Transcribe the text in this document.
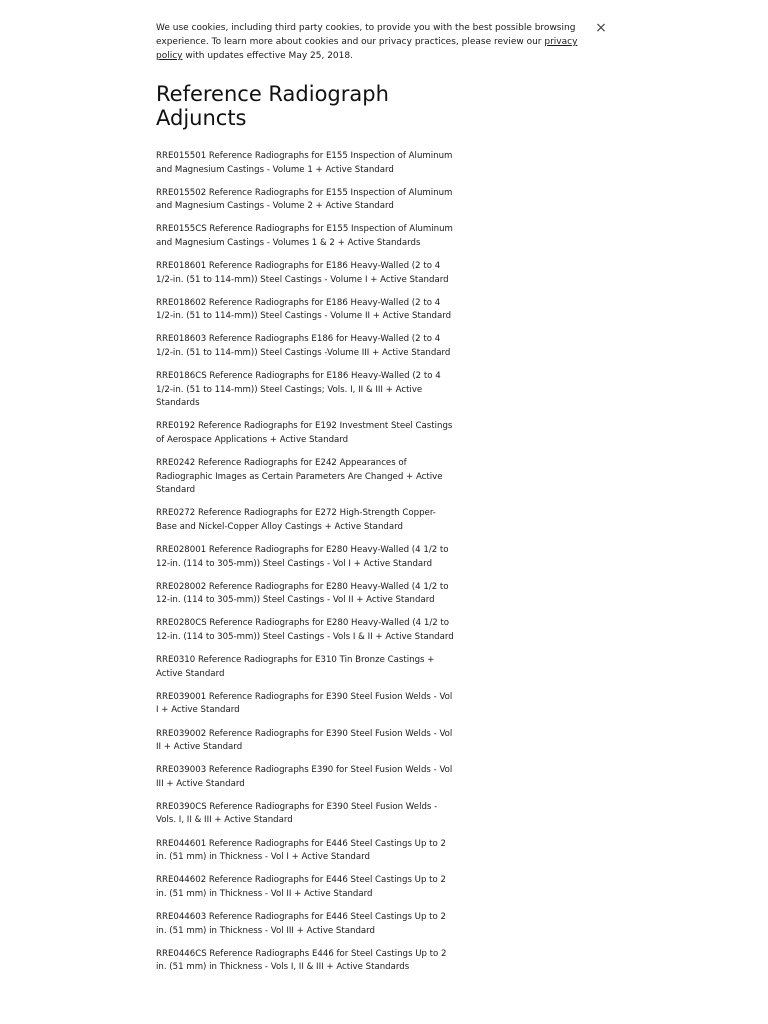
We use cookies, including third party cookies, to provide you with the best possible browsing experience. To learn more about cookies and our privacy practices, please review our privacy policy with updates effective May 25, 2018.
×
Reference Radiograph Adjuncts
RRE015501 Reference Radiographs for E155 Inspection of Aluminum and Magnesium Castings - Volume 1 + Active Standard
RRE015502 Reference Radiographs for E155 Inspection of Aluminum and Magnesium Castings - Volume 2 + Active Standard
RRE0155CS Reference Radiographs for E155 Inspection of Aluminum and Magnesium Castings - Volumes 1 & 2 + Active Standards
RRE018601 Reference Radiographs for E186 Heavy-Walled (2 to 4 1/2-in. (51 to 114-mm)) Steel Castings - Volume I + Active Standard
RRE018602 Reference Radiographs for E186 Heavy-Walled (2 to 4 1/2-in. (51 to 114-mm)) Steel Castings - Volume II + Active Standard
RRE018603 Reference Radiographs E186 for Heavy-Walled (2 to 4 1/2-in. (51 to 114-mm)) Steel Castings -Volume III + Active Standard
RRE0186CS Reference Radiographs for E186 Heavy-Walled (2 to 4 1/2-in. (51 to 114-mm)) Steel Castings; Vols. I, II & III + Active Standards
RRE0192 Reference Radiographs for E192 Investment Steel Castings of Aerospace Applications + Active Standard
RRE0242 Reference Radiographs for E242 Appearances of Radiographic Images as Certain Parameters Are Changed + Active Standard
RRE0272 Reference Radiographs for E272 High-Strength Copper-Base and Nickel-Copper Alloy Castings + Active Standard
RRE028001 Reference Radiographs for E280 Heavy-Walled (4 1/2 to 12-in. (114 to 305-mm)) Steel Castings - Vol I + Active Standard
RRE028002 Reference Radiographs for E280 Heavy-Walled (4 1/2 to 12-in. (114 to 305-mm)) Steel Castings - Vol II + Active Standard
RRE0280CS Reference Radiographs for E280 Heavy-Walled (4 1/2 to 12-in. (114 to 305-mm)) Steel Castings - Vols I & II + Active Standard
RRE0310 Reference Radiographs for E310 Tin Bronze Castings + Active Standard
RRE039001 Reference Radiographs for E390 Steel Fusion Welds - Vol I + Active Standard
RRE039002 Reference Radiographs for E390 Steel Fusion Welds - Vol II + Active Standard
RRE039003 Reference Radiographs E390 for Steel Fusion Welds - Vol III + Active Standard
RRE0390CS Reference Radiographs for E390 Steel Fusion Welds - Vols. I, II & III + Active Standard
RRE044601 Reference Radiographs for E446 Steel Castings Up to 2 in. (51 mm) in Thickness - Vol I + Active Standard
RRE044602 Reference Radiographs for E446 Steel Castings Up to 2 in. (51 mm) in Thickness - Vol II + Active Standard
RRE044603 Reference Radiographs for E446 Steel Castings Up to 2 in. (51 mm) in Thickness - Vol III + Active Standard
RRE0446CS Reference Radiographs E446 for Steel Castings Up to 2 in. (51 mm) in Thickness - Vols I, II & III + Active Standards
